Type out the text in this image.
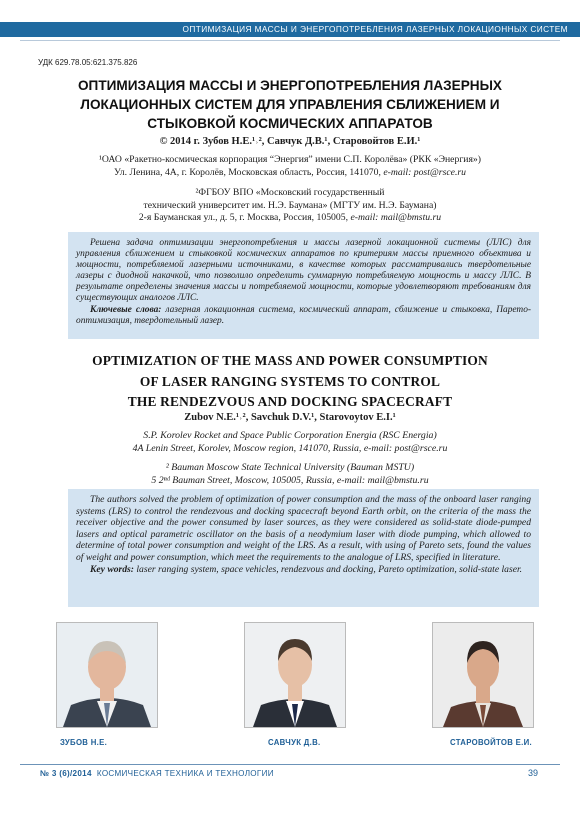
ОПТИМИЗАЦИЯ МАССЫ И ЭНЕРГОПОТРЕБЛЕНИЯ ЛАЗЕРНЫХ ЛОКАЦИОННЫХ СИСТЕМ
УДК 629.78.05:621.375.826
ОПТИМИЗАЦИЯ МАССЫ И ЭНЕРГОПОТРЕБЛЕНИЯ ЛАЗЕРНЫХ
ЛОКАЦИОННЫХ СИСТЕМ ДЛЯ УПРАВЛЕНИЯ СБЛИЖЕНИЕМ И
СТЫКОВКОЙ КОСМИЧЕСКИХ АППАРАТОВ
© 2014 г. Зубов Н.Е.¹˒², Савчук Д.В.¹, Старовойтов Е.И.¹
¹ОАО «Ракетно-космическая корпорация “Энергия” имени С.П. Королёва» (РКК «Энергия»)
Ул. Ленина, 4А, г. Королёв, Московская область, Россия, 141070, e-mail: post@rsce.ru
²ФГБОУ ВПО «Московский государственный
технический университет им. Н.Э. Баумана» (МГТУ им. Н.Э. Баумана)
2-я Бауманская ул., д. 5, г. Москва, Россия, 105005, e-mail: mail@bmstu.ru
Решена задача оптимизации энергопотребления и массы лазерной локационной системы (ЛЛС) для управления сближением и стыковкой космических аппаратов по критериям массы приемного объектива и мощности, потребляемой лазерными источниками, в качестве которых рассматривались твердотельные лазеры с диодной накачкой, что позволило определить суммарную потребляемую мощность и массу ЛЛС. В результате определены значения массы и потребляемой мощности, которые удовлетворяют требованиям для существующих аналогов ЛЛС.
Ключевые слова: лазерная локационная система, космический аппарат, сближение и стыковка, Парето-оптимизация, твердотельный лазер.
OPTIMIZATION OF THE MASS AND POWER CONSUMPTION
OF LASER RANGING SYSTEMS TO CONTROL
THE RENDEZVOUS AND DOCKING SPACECRAFT
Zubov N.E.¹˒², Savchuk D.V.¹, Starovoytov E.I.¹
S.P. Korolev Rocket and Space Public Corporation Energia (RSC Energia)
4A Lenin Street, Korolev, Moscow region, 141070, Russia, e-mail: post@rsce.ru
² Bauman Moscow State Technical University (Bauman MSTU)
5 2ⁿᵈ Bauman Street, Moscow, 105005, Russia, e-mail: mail@bmstu.ru
The authors solved the problem of optimization of power consumption and the mass of the onboard laser ranging systems (LRS) to control the rendezvous and docking spacecraft beyond Earth orbit, on the criteria of the mass the receiver objective and the power consumed by laser sources, as they were considered as solid-state diode-pumped lasers and optical parametric oscillator on the basis of a neodymium laser with diode pumping, which allowed to determine of total power consumption and weight of the LRS. As a result, with using of Pareto sets, found the values of weight and power consumption, which meet the requirements to the analogue of LRS, specified in literature.
Key words: laser ranging system, space vehicles, rendezvous and docking, Pareto optimization, solid-state laser.
ЗУБОВ Н.Е.	САВЧУК Д.В.	СТАРОВОЙТОВ Е.И.
№ 3 (6)/2014 КОСМИЧЕСКАЯ ТЕХНИКА И ТЕХНОЛОГИИ	39
